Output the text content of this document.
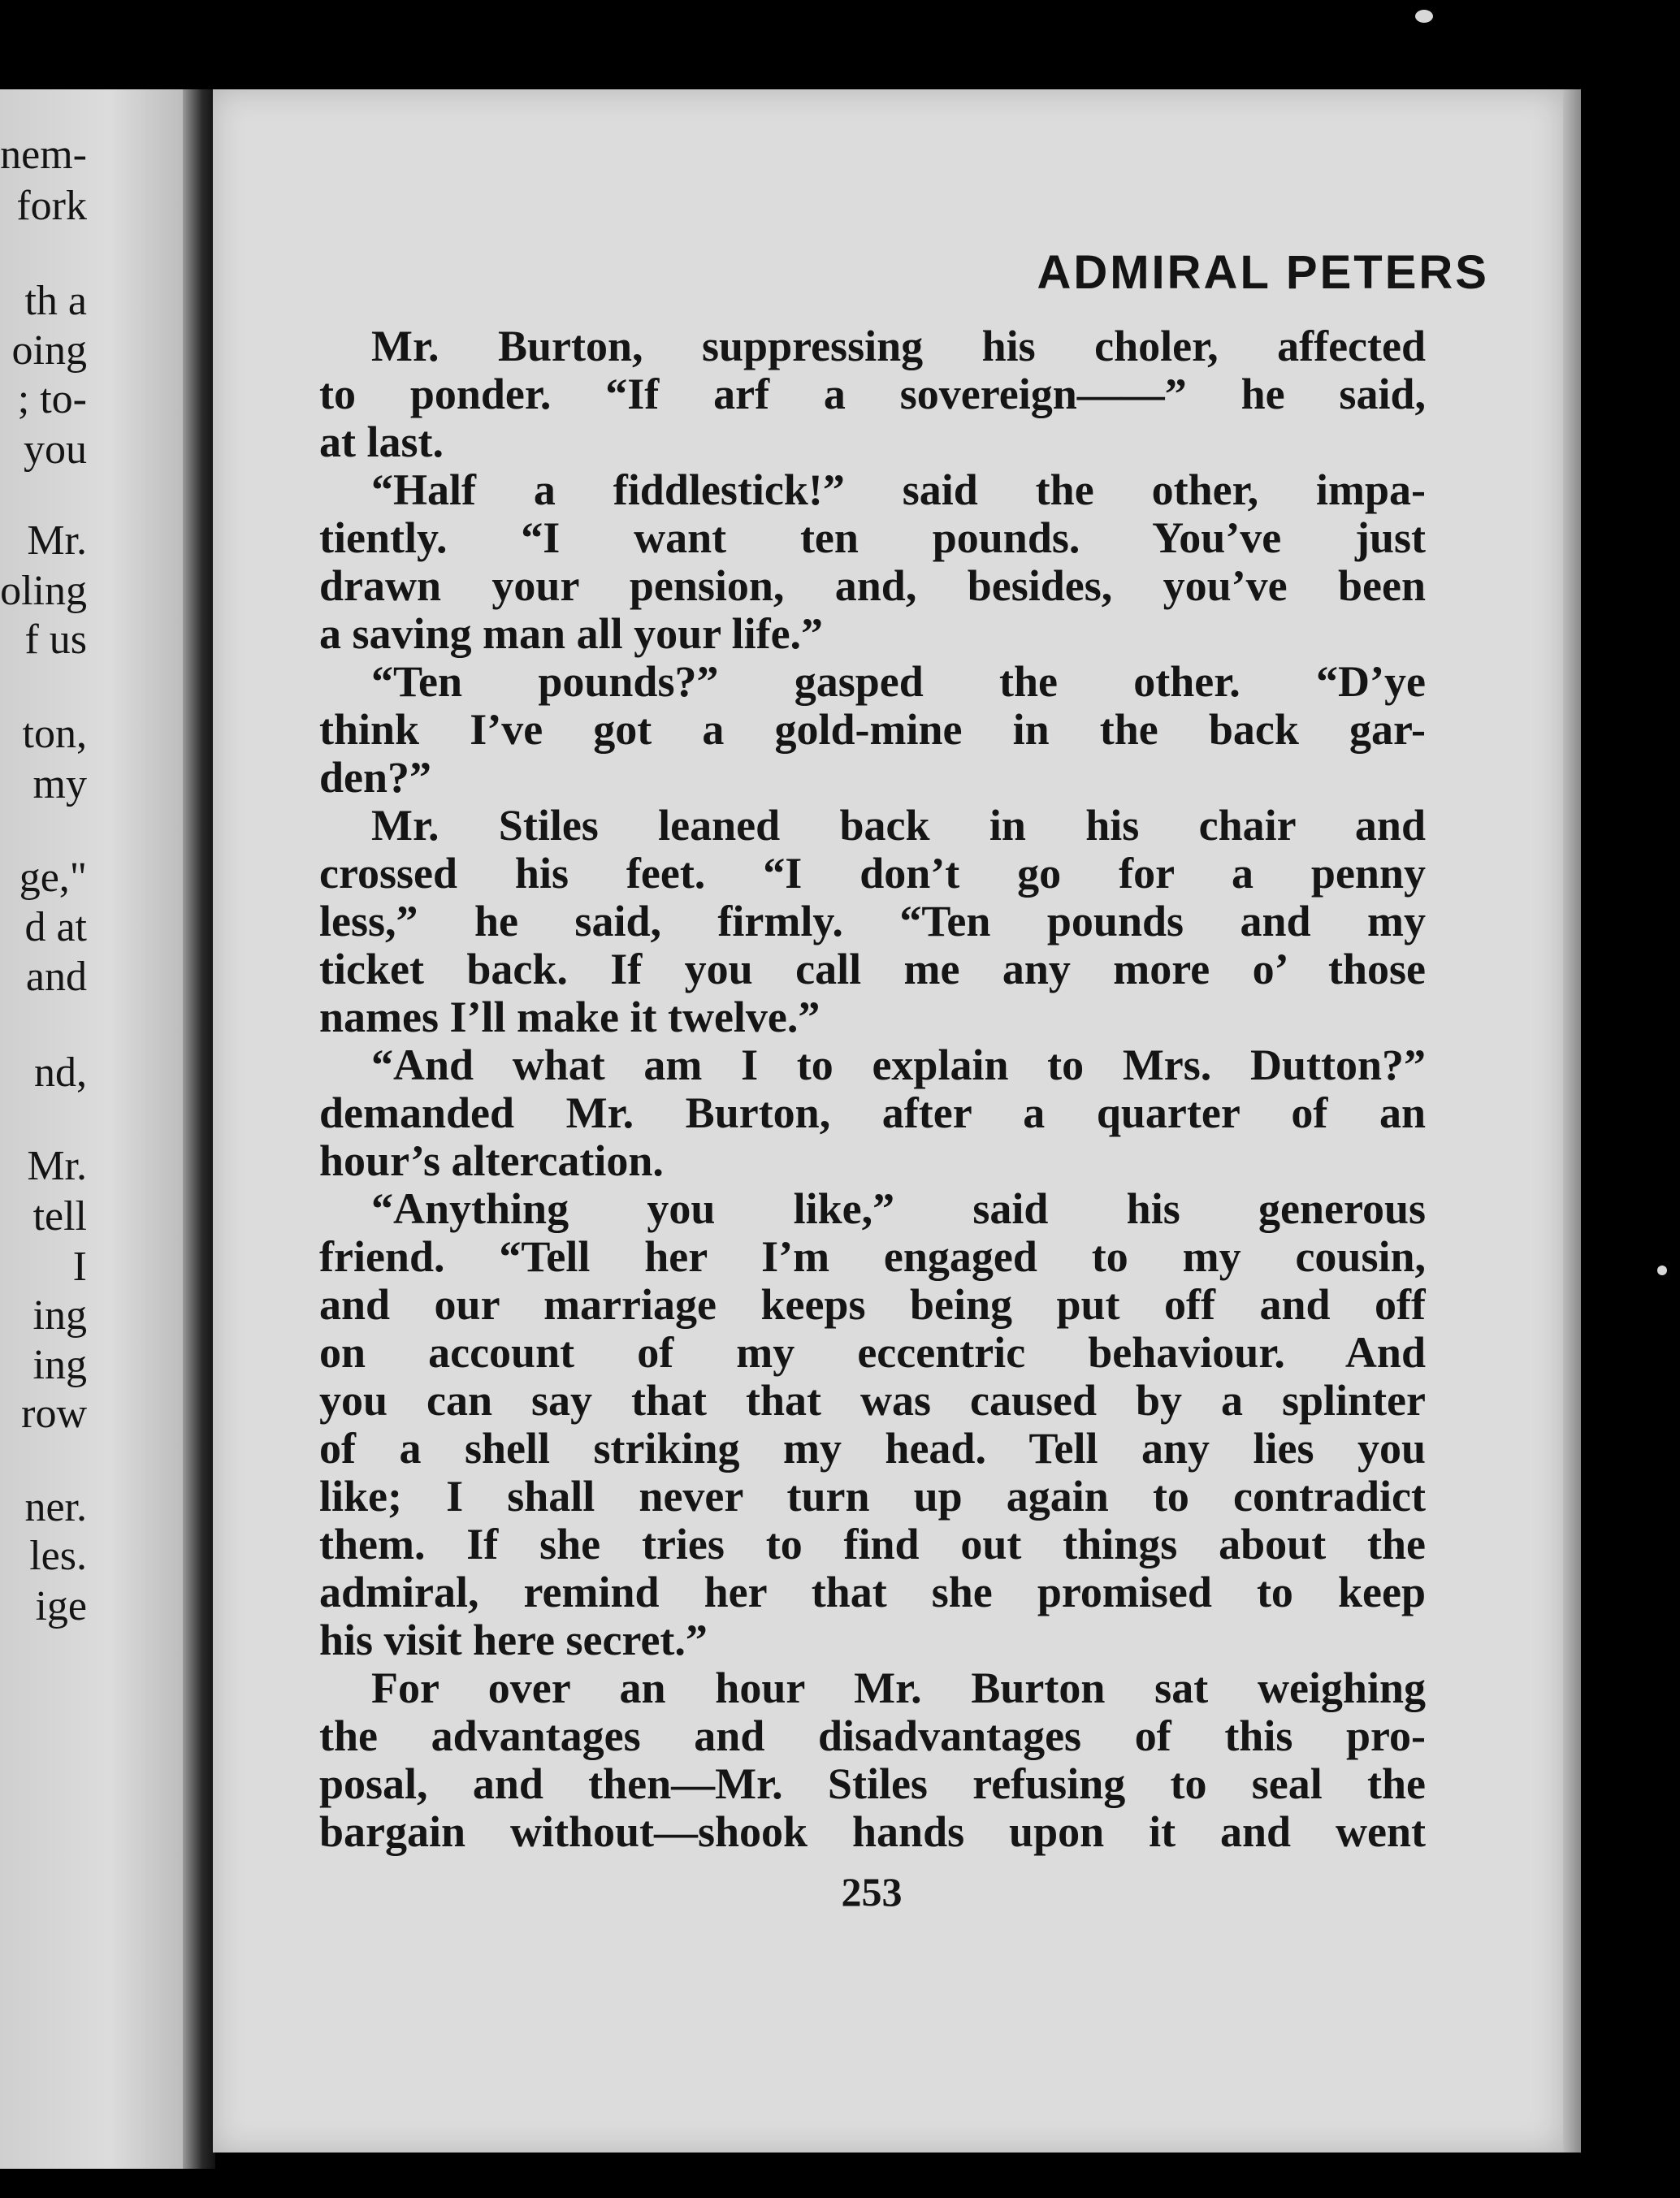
nem-
fork
th a
oing
; to-
you
Mr.
oling
f us
ton,
my
ge,"
d at
and
nd,
Mr.
tell
I
ing
ing
row
ner.
les.
ige
ADMIRAL PETERS
Mr. Burton, suppressing his choler, affected
to ponder. “If arf a sovereign——” he said,
at last.
“Half a fiddlestick!” said the other, impa-
tiently. “I want ten pounds. You’ve just
drawn your pension, and, besides, you’ve been
a saving man all your life.”
“Ten pounds?” gasped the other. “D’ye
think I’ve got a gold-mine in the back gar-
den?”
Mr. Stiles leaned back in his chair and
crossed his feet. “I don’t go for a penny
less,” he said, firmly. “Ten pounds and my
ticket back. If you call me any more o’ those
names I’ll make it twelve.”
“And what am I to explain to Mrs. Dutton?”
demanded Mr. Burton, after a quarter of an
hour’s altercation.
“Anything you like,” said his generous
friend. “Tell her I’m engaged to my cousin,
and our marriage keeps being put off and off
on account of my eccentric behaviour. And
you can say that that was caused by a splinter
of a shell striking my head. Tell any lies you
like; I shall never turn up again to contradict
them. If she tries to find out things about the
admiral, remind her that she promised to keep
his visit here secret.”
For over an hour Mr. Burton sat weighing
the advantages and disadvantages of this pro-
posal, and then—Mr. Stiles refusing to seal the
bargain without—shook hands upon it and went
253
